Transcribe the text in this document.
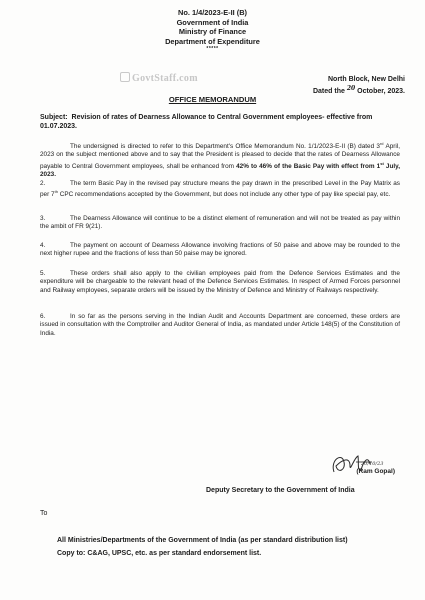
No. 1/4/2023-E-II (B)
Government of India
Ministry of Finance
Department of Expenditure
*****
GovtStaff.com	North Block, New Delhi
Dated the 20 October, 2023.
OFFICE MEMORANDUM
Subject: Revision of rates of Dearness Allowance to Central Government employees- effective from 01.07.2023.
The undersigned is directed to refer to this Department's Office Memorandum No. 1/1/2023-E-II (B) dated 3rd April, 2023 on the subject mentioned above and to say that the President is pleased to decide that the rates of Dearness Allowance payable to Central Government employees, shall be enhanced from 42% to 46% of the Basic Pay with effect from 1st July, 2023.
2.	The term Basic Pay in the revised pay structure means the pay drawn in the prescribed Level in the Pay Matrix as per 7th CPC recommendations accepted by the Government, but does not include any other type of pay like special pay, etc.
3.	The Dearness Allowance will continue to be a distinct element of remuneration and will not be treated as pay within the ambit of FR 9(21).
4.	The payment on account of Dearness Allowance involving fractions of 50 paise and above may be rounded to the next higher rupee and the fractions of less than 50 paise may be ignored.
5.	These orders shall also apply to the civilian employees paid from the Defence Services Estimates and the expenditure will be chargeable to the relevant head of the Defence Services Estimates. In respect of Armed Forces personnel and Railway employees, separate orders will be issued by the Ministry of Defence and Ministry of Railways respectively.
6.	In so far as the persons serving in the Indian Audit and Accounts Department are concerned, these orders are issued in consultation with the Comptroller and Auditor General of India, as mandated under Article 148(5) of the Constitution of India.
20/10/23
(Ram Gopal)
Deputy Secretary to the Government of India
To
All Ministries/Departments of the Government of India (as per standard distribution list)
Copy to: C&AG, UPSC, etc. as per standard endorsement list.
